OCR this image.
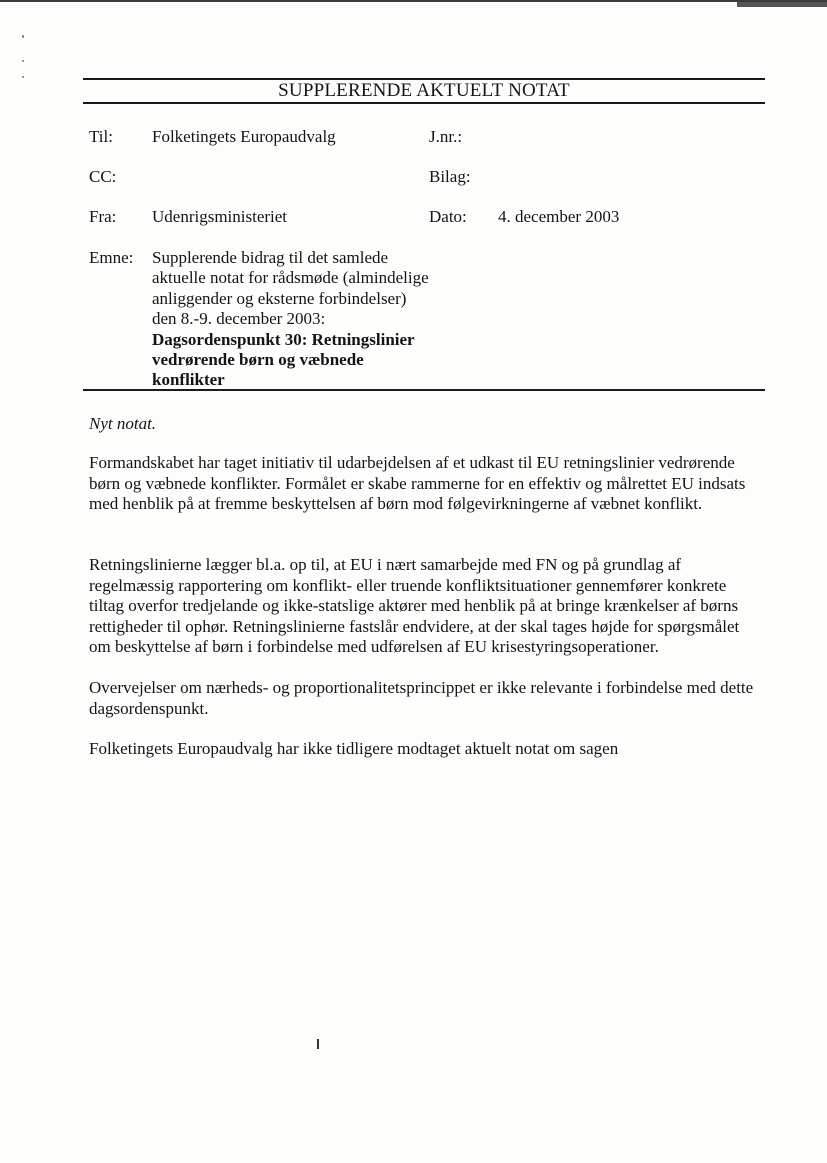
SUPPLERENDE AKTUELT NOTAT
Til: Folketingets Europaudvalg	J.nr.:
CC:	Bilag:
Fra: Udenrigsministeriet	Dato: 4. december 2003
Emne: Supplerende bidrag til det samlede aktuelle notat for rådsmøde (almindelige anliggender og eksterne forbindelser) den 8.-9. december 2003: Dagsordenspunkt 30: Retningslinier vedrørende børn og væbnede konflikter

Nyt notat.

Formandskabet har taget initiativ til udarbejdelsen af et udkast til EU retningslinier vedrørende børn og væbnede konflikter. Formålet er skabe rammerne for en effektiv og målrettet EU indsats med henblik på at fremme beskyttelsen af børn mod følgevirkningerne af væbnet konflikt.

Retningslinierne lægger bl.a. op til, at EU i nært samarbejde med FN og på grundlag af regelmæssig rapportering om konflikt- eller truende konfliktsituationer gennemfører konkrete tiltag overfor tredjelande og ikke-statslige aktører med henblik på at bringe krænkelser af børns rettigheder til ophør. Retningslinierne fastslår endvidere, at der skal tages højde for spørgsmålet om beskyttelse af børn i forbindelse med udførelsen af EU krisestyringsoperationer.

Overvejelser om nærheds- og proportionalitetsprincippet er ikke relevante i forbindelse med dette dagsordenspunkt.

Folketingets Europaudvalg har ikke tidligere modtaget aktuelt notat om sagen
